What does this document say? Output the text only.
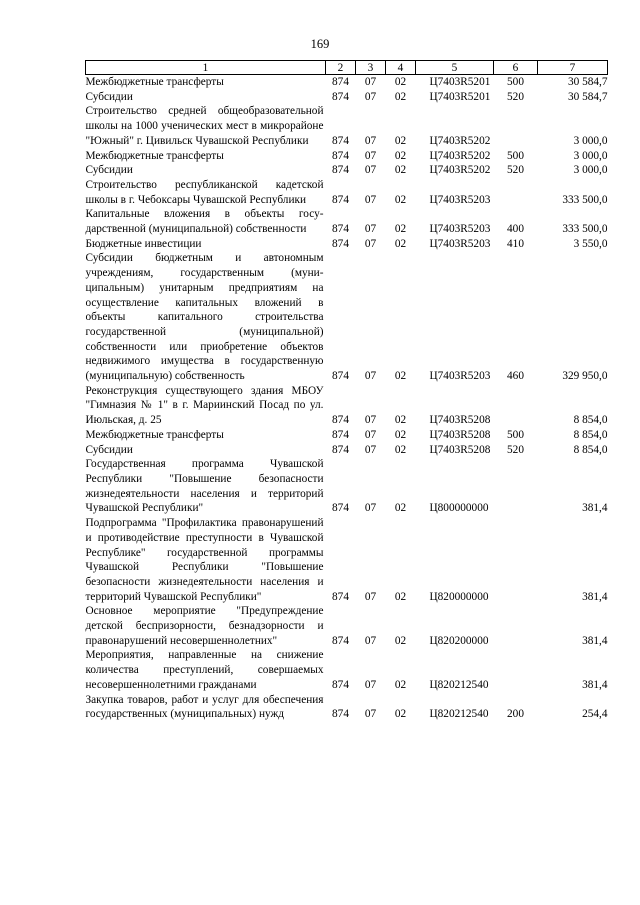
169
1	2	3	4	5	6	7
Межбюджетные трансферты	874	07	02	Ц7403R5201	500	30 584,7
Субсидии	874	07	02	Ц7403R5201	520	30 584,7
Строительство средней общеобразовательной школы на 1000 ученических мест в микрорайоне "Южный" г. Цивильск Чувашской Республики	874	07	02	Ц7403R5202		3 000,0
Межбюджетные трансферты	874	07	02	Ц7403R5202	500	3 000,0
Субсидии	874	07	02	Ц7403R5202	520	3 000,0
Строительство республиканской кадетской школы в г. Чебоксары Чувашской Республики	874	07	02	Ц7403R5203		333 500,0
Капитальные вложения в объекты государственной (муниципальной) собственности	874	07	02	Ц7403R5203	400	333 500,0
Бюджетные инвестиции	874	07	02	Ц7403R5203	410	3 550,0
Субсидии бюджетным и автономным учреждениям, государственным (муниципальным) унитарным предприятиям на осуществление капитальных вложений в объекты капитального строительства государственной (муниципальной) собственности или приобретение объектов недвижимого имущества в государственную (муниципальную) собственность	874	07	02	Ц7403R5203	460	329 950,0
Реконструкция существующего здания МБОУ "Гимназия № 1" в г. Мариинский Посад по ул. Июльская, д. 25	874	07	02	Ц7403R5208		8 854,0
Межбюджетные трансферты	874	07	02	Ц7403R5208	500	8 854,0
Субсидии	874	07	02	Ц7403R5208	520	8 854,0
Государственная программа Чувашской Республики "Повышение безопасности жизнедеятельности населения и территорий Чувашской Республики"	874	07	02	Ц800000000		381,4
Подпрограмма "Профилактика правонарушений и противодействие преступности в Чувашской Республике" государственной программы Чувашской Республики "Повышение безопасности жизнедеятельности населения и территорий Чувашской Республики"	874	07	02	Ц820000000		381,4
Основное мероприятие "Предупреждение детской беспризорности, безнадзорности и правонарушений несовершеннолетних"	874	07	02	Ц820200000		381,4
Мероприятия, направленные на снижение количества преступлений, совершаемых несовершеннолетними гражданами	874	07	02	Ц820212540		381,4
Закупка товаров, работ и услуг для обеспечения государственных (муниципальных) нужд	874	07	02	Ц820212540	200	254,4
